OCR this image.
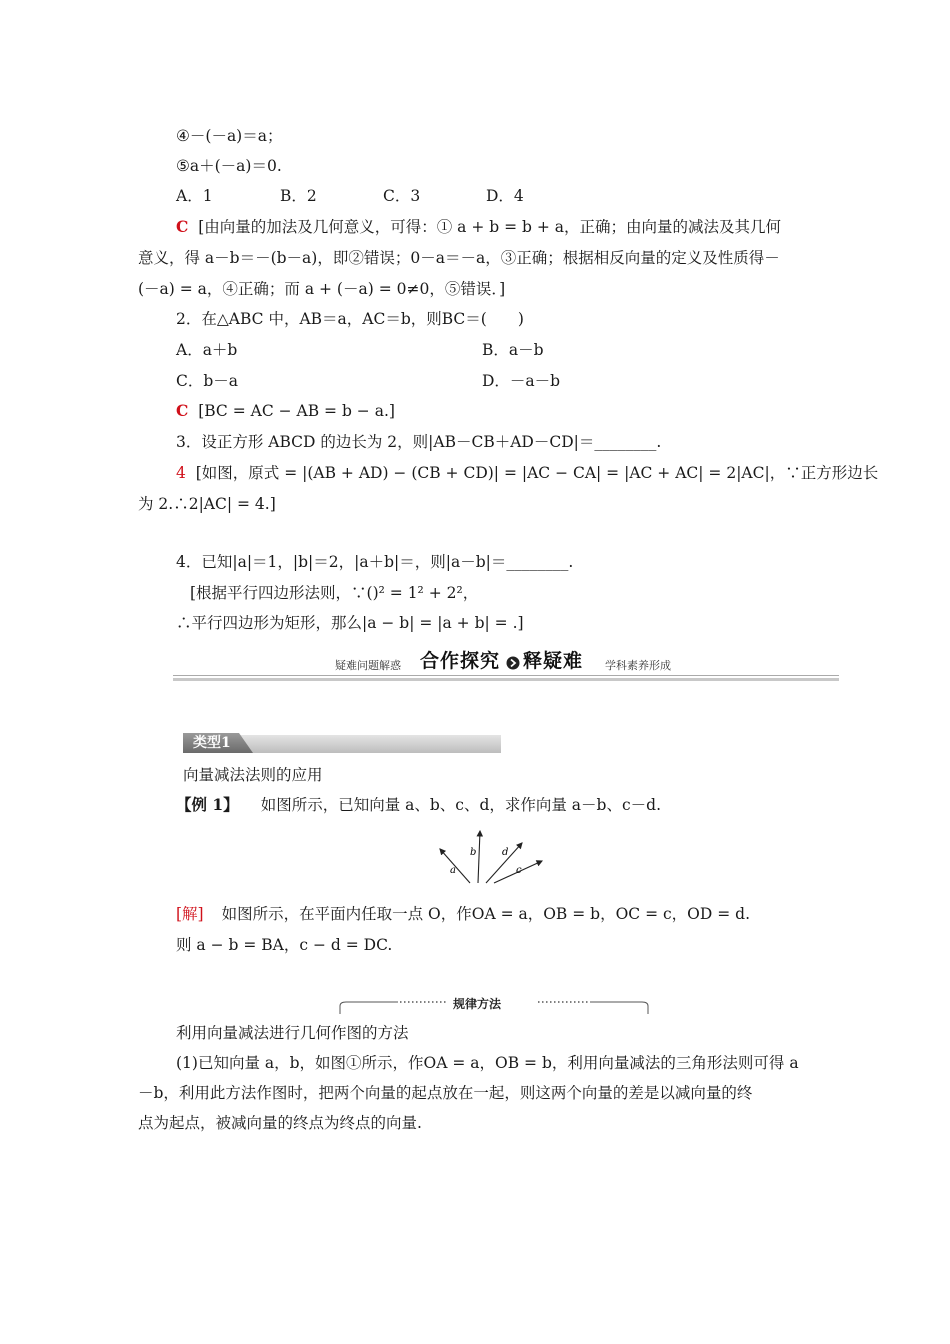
④－(－a)＝a；
⑤a＋(－a)＝0.
A．1	B．2	C．3	D．4
C [由向量的加法及几何意义，可得：① a + b = b + a，正确；由向量的减法及其几何
意义，得 a－b＝－(b－a)，即②错误；0－a＝－a，③正确；根据相反向量的定义及性质得－
(－a) = a，④正确；而 a + (－a) = 0≠0，⑤错误．]
2．在△ABC 中，AB＝a，AC＝b，则BC＝(　　)
A．a＋b	B．a－b
C．b－a	D．－a－b
C [BC = AC − AB = b − a.]
3．设正方形 ABCD 的边长为 2，则|AB－CB＋AD－CD|＝________.
4 [如图，原式 = |(AB + AD) − (CB + CD)| = |AC − CA| = |AC + AC| = 2|AC|，∵正方形边长
为 2.∴2|AC| = 4.]
4．已知|a|＝1，|b|＝2，|a＋b|＝，则|a－b|＝________.
[根据平行四边形法则，∵()² = 1² + 2²，
∴平行四边形为矩形，那么|a − b| = |a + b| = .]
疑难问题解惑 合作探究 释疑难 学科素养形成
类型1
向量减法法则的应用
【例 1】 如图所示，已知向量 a、b、c、d，求作向量 a－b、c－d.
a
b	d
c
[解] 如图所示，在平面内任取一点 O，作OA = a，OB = b，OC = c，OD = d.
则 a − b = BA，c − d = DC.
规律方法
利用向量减法进行几何作图的方法
(1)已知向量 a，b，如图①所示，作OA = a，OB = b，利用向量减法的三角形法则可得 a
－b，利用此方法作图时，把两个向量的起点放在一起，则这两个向量的差是以减向量的终
点为起点，被减向量的终点为终点的向量.
